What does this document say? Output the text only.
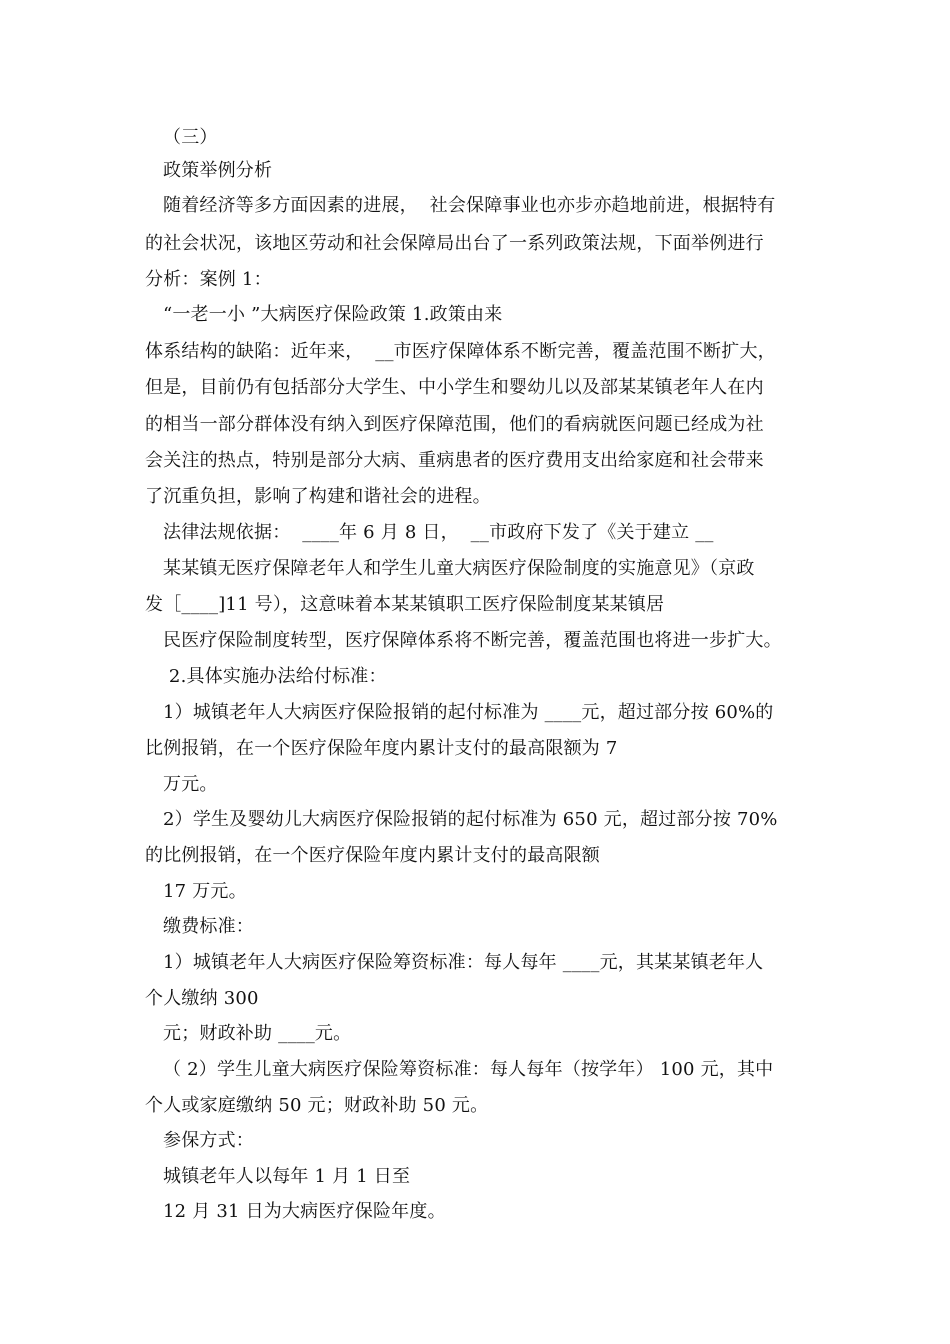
（三）
政策举例分析
随着经济等多方面因素的进展，  社会保障事业也亦步亦趋地前进，根据特有
的社会状况，该地区劳动和社会保障局出台了一系列政策法规，下面举例进行
分析：案例 1：
“一老一小 ”大病医疗保险政策 1.政策由来
体系结构的缺陷：近年来，  __市医疗保障体系不断完善，覆盖范围不断扩大，
但是，目前仍有包括部分大学生、中小学生和婴幼儿以及部某某镇老年人在内
的相当一部分群体没有纳入到医疗保障范围，他们的看病就医问题已经成为社
会关注的热点，特别是部分大病、重病患者的医疗费用支出给家庭和社会带来
了沉重负担，影响了构建和谐社会的进程。
法律法规依据：  ____年 6 月 8 日，  __市政府下发了《关于建立 __
某某镇无医疗保障老年人和学生儿童大病医疗保险制度的实施意见》（京政
发［____]11 号），这意味着本某某镇职工医疗保险制度某某镇居
民医疗保险制度转型，医疗保障体系将不断完善，覆盖范围也将进一步扩大。
2.具体实施办法给付标准：
1）城镇老年人大病医疗保险报销的起付标准为 ____元，超过部分按 60%的
比例报销，在一个医疗保险年度内累计支付的最高限额为 7
万元。
2）学生及婴幼儿大病医疗保险报销的起付标准为 650 元，超过部分按 70%
的比例报销，在一个医疗保险年度内累计支付的最高限额
17 万元。
缴费标准：
1）城镇老年人大病医疗保险筹资标准：每人每年 ____元，其某某镇老年人
个人缴纳 300
元；财政补助 ____元。
（ 2）学生儿童大病医疗保险筹资标准：每人每年（按学年） 100 元，其中
个人或家庭缴纳 50 元；财政补助 50 元。
参保方式：
城镇老年人以每年 1 月 1 日至
12 月 31 日为大病医疗保险年度。
